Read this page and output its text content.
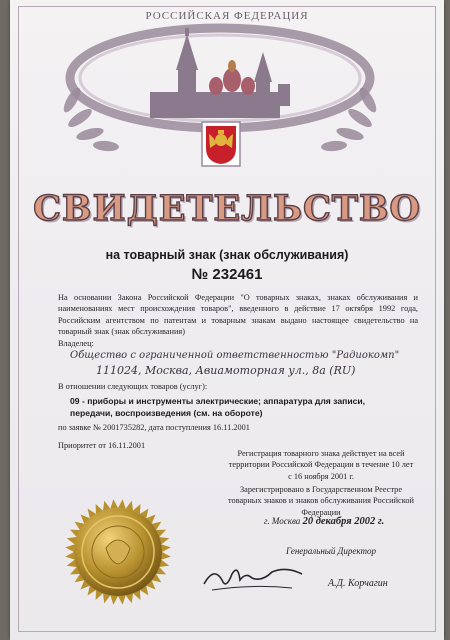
РОССИЙСКАЯ ФЕДЕРАЦИЯ
СВИДЕТЕЛЬСТВО
на товарный знак (знак обслуживания)
№ 232461
На основании Закона Российской Федерации "О товарных знаках, знаках обслуживания и наименованиях мест происхождения товаров", введенного в действие 17 октября 1992 года, Российским агентством по патентам и товарным знакам выдано настоящее свидетельство на товарный знак (знак обслуживания)
Владелец:
Общество с ограниченной ответственностью "Радиокомп"
111024, Москва, Авиамоторная ул., 8а (RU)
В отношении следующих товаров (услуг):
09 - приборы и инструменты электрические; аппаратура для записи, передачи, воспроизведения (см. на обороте)
по заявке № 2001735282, дата поступления 16.11.2001
Приоритет от 16.11.2001
Регистрация товарного знака действует на всей территории Российской Федерации в течение 10 лет с 16 ноября 2001 г.
Зарегистрировано в Государственном Реестре товарных знаков и знаков обслуживания Российской Федерации
г. Москва 20 декабря 2002 г.
Генеральный Директор
А.Д. Корчагин
